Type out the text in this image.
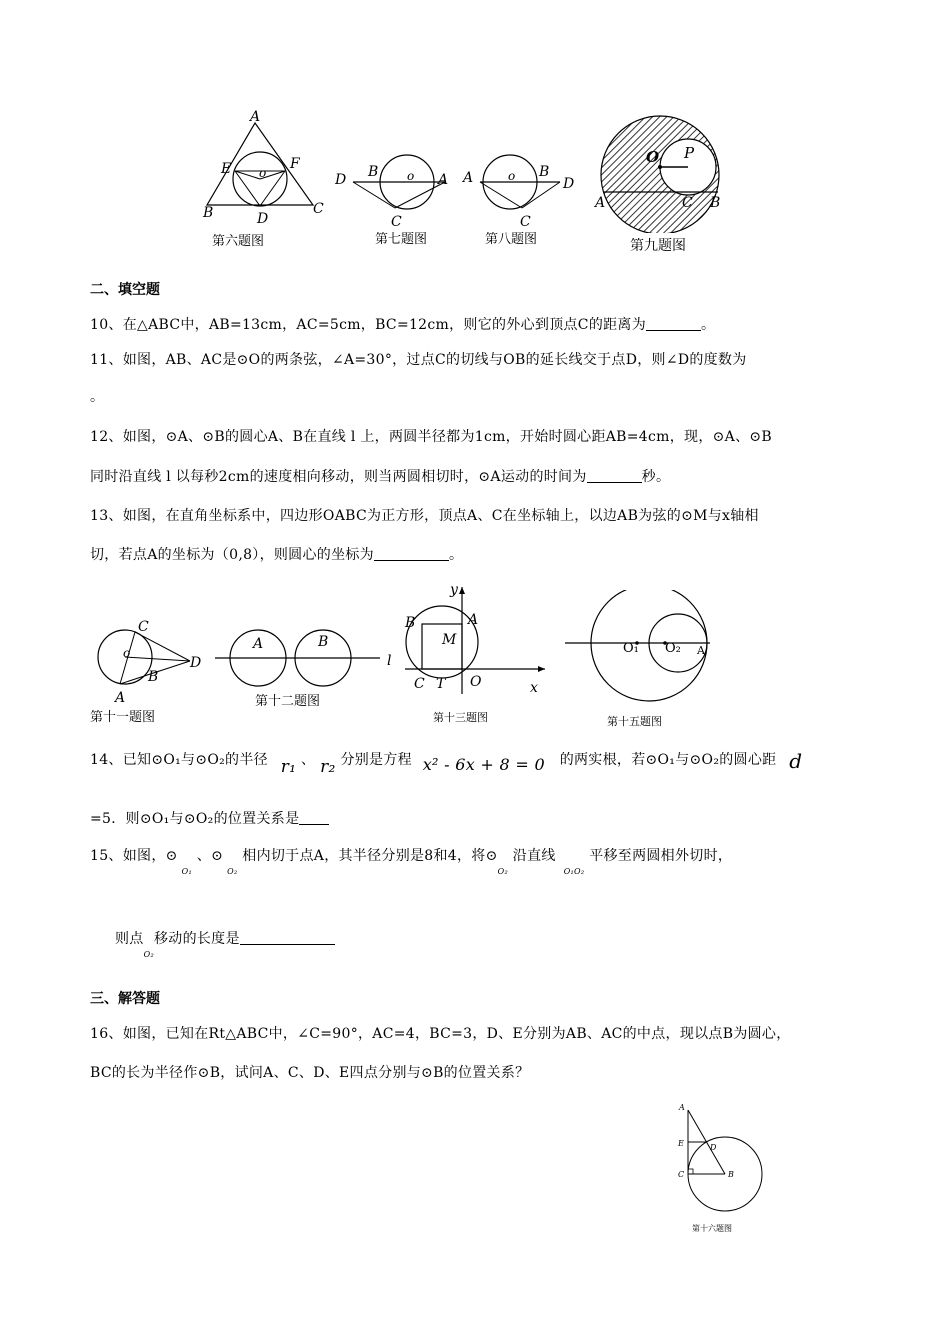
A
E	F
o
B	D
C
第六题图
D B o A
C
第七题图
A	o B
D
C
第八题图
O P
A	C B
第九题图
二、填空题
10、在△ABC中，AB=13cm，AC=5cm，BC=12cm，则它的外心到顶点C的距离为	。
11、如图，AB、AC是⊙O的两条弦，∠A=30°，过点C的切线与OB的延长线交于点D，则∠D的度数为
。
12、如图，⊙A、⊙B的圆心A、B在直线 l 上，两圆半径都为1cm，开始时圆心距AB=4cm，现，⊙A、⊙B
同时沿直线 l 以每秒2cm的速度相向移动，则当两圆相切时，⊙A运动的时间为	秒。
13、如图，在直角坐标系中，四边形OABC为正方形，顶点A、C在坐标轴上，以边AB为弦的⊙M与x轴相
切，若点A的坐标为（0,8），则圆心的坐标为	。
C
o
B
D
A
第十一题图
A	B
l
第十二题图
y
B	A
M
C T O	x
第十三题图
O₁ O₂ A
第十五题图
14、已知⊙O₁与⊙O₂的半径 r₁ 、 r₂ 分别是方程 x² - 6x + 8 = 0 的两实根，若⊙O₁与⊙O₂的圆心距 d
=5．则⊙O₁与⊙O₂的位置关系是
15、如图，$⊙_{O_1}$ 、$⊙_{O_2}$ 相内切于点A，其半径分别是8和4，将$⊙_{O_2}$ 沿直线$_{O_1O_2}$ 平移至两圆相外切时，
则点$_{O_2}$移动的长度是
三、解答题
16、如图，已知在Rt△ABC中，∠C=90°，AC=4，BC=3，D、E分别为AB、AC的中点，现以点B为圆心，
BC的长为半径作⊙B，试问A、C、D、E四点分别与⊙B的位置关系？
A
E	D
C	B
第十六题图
